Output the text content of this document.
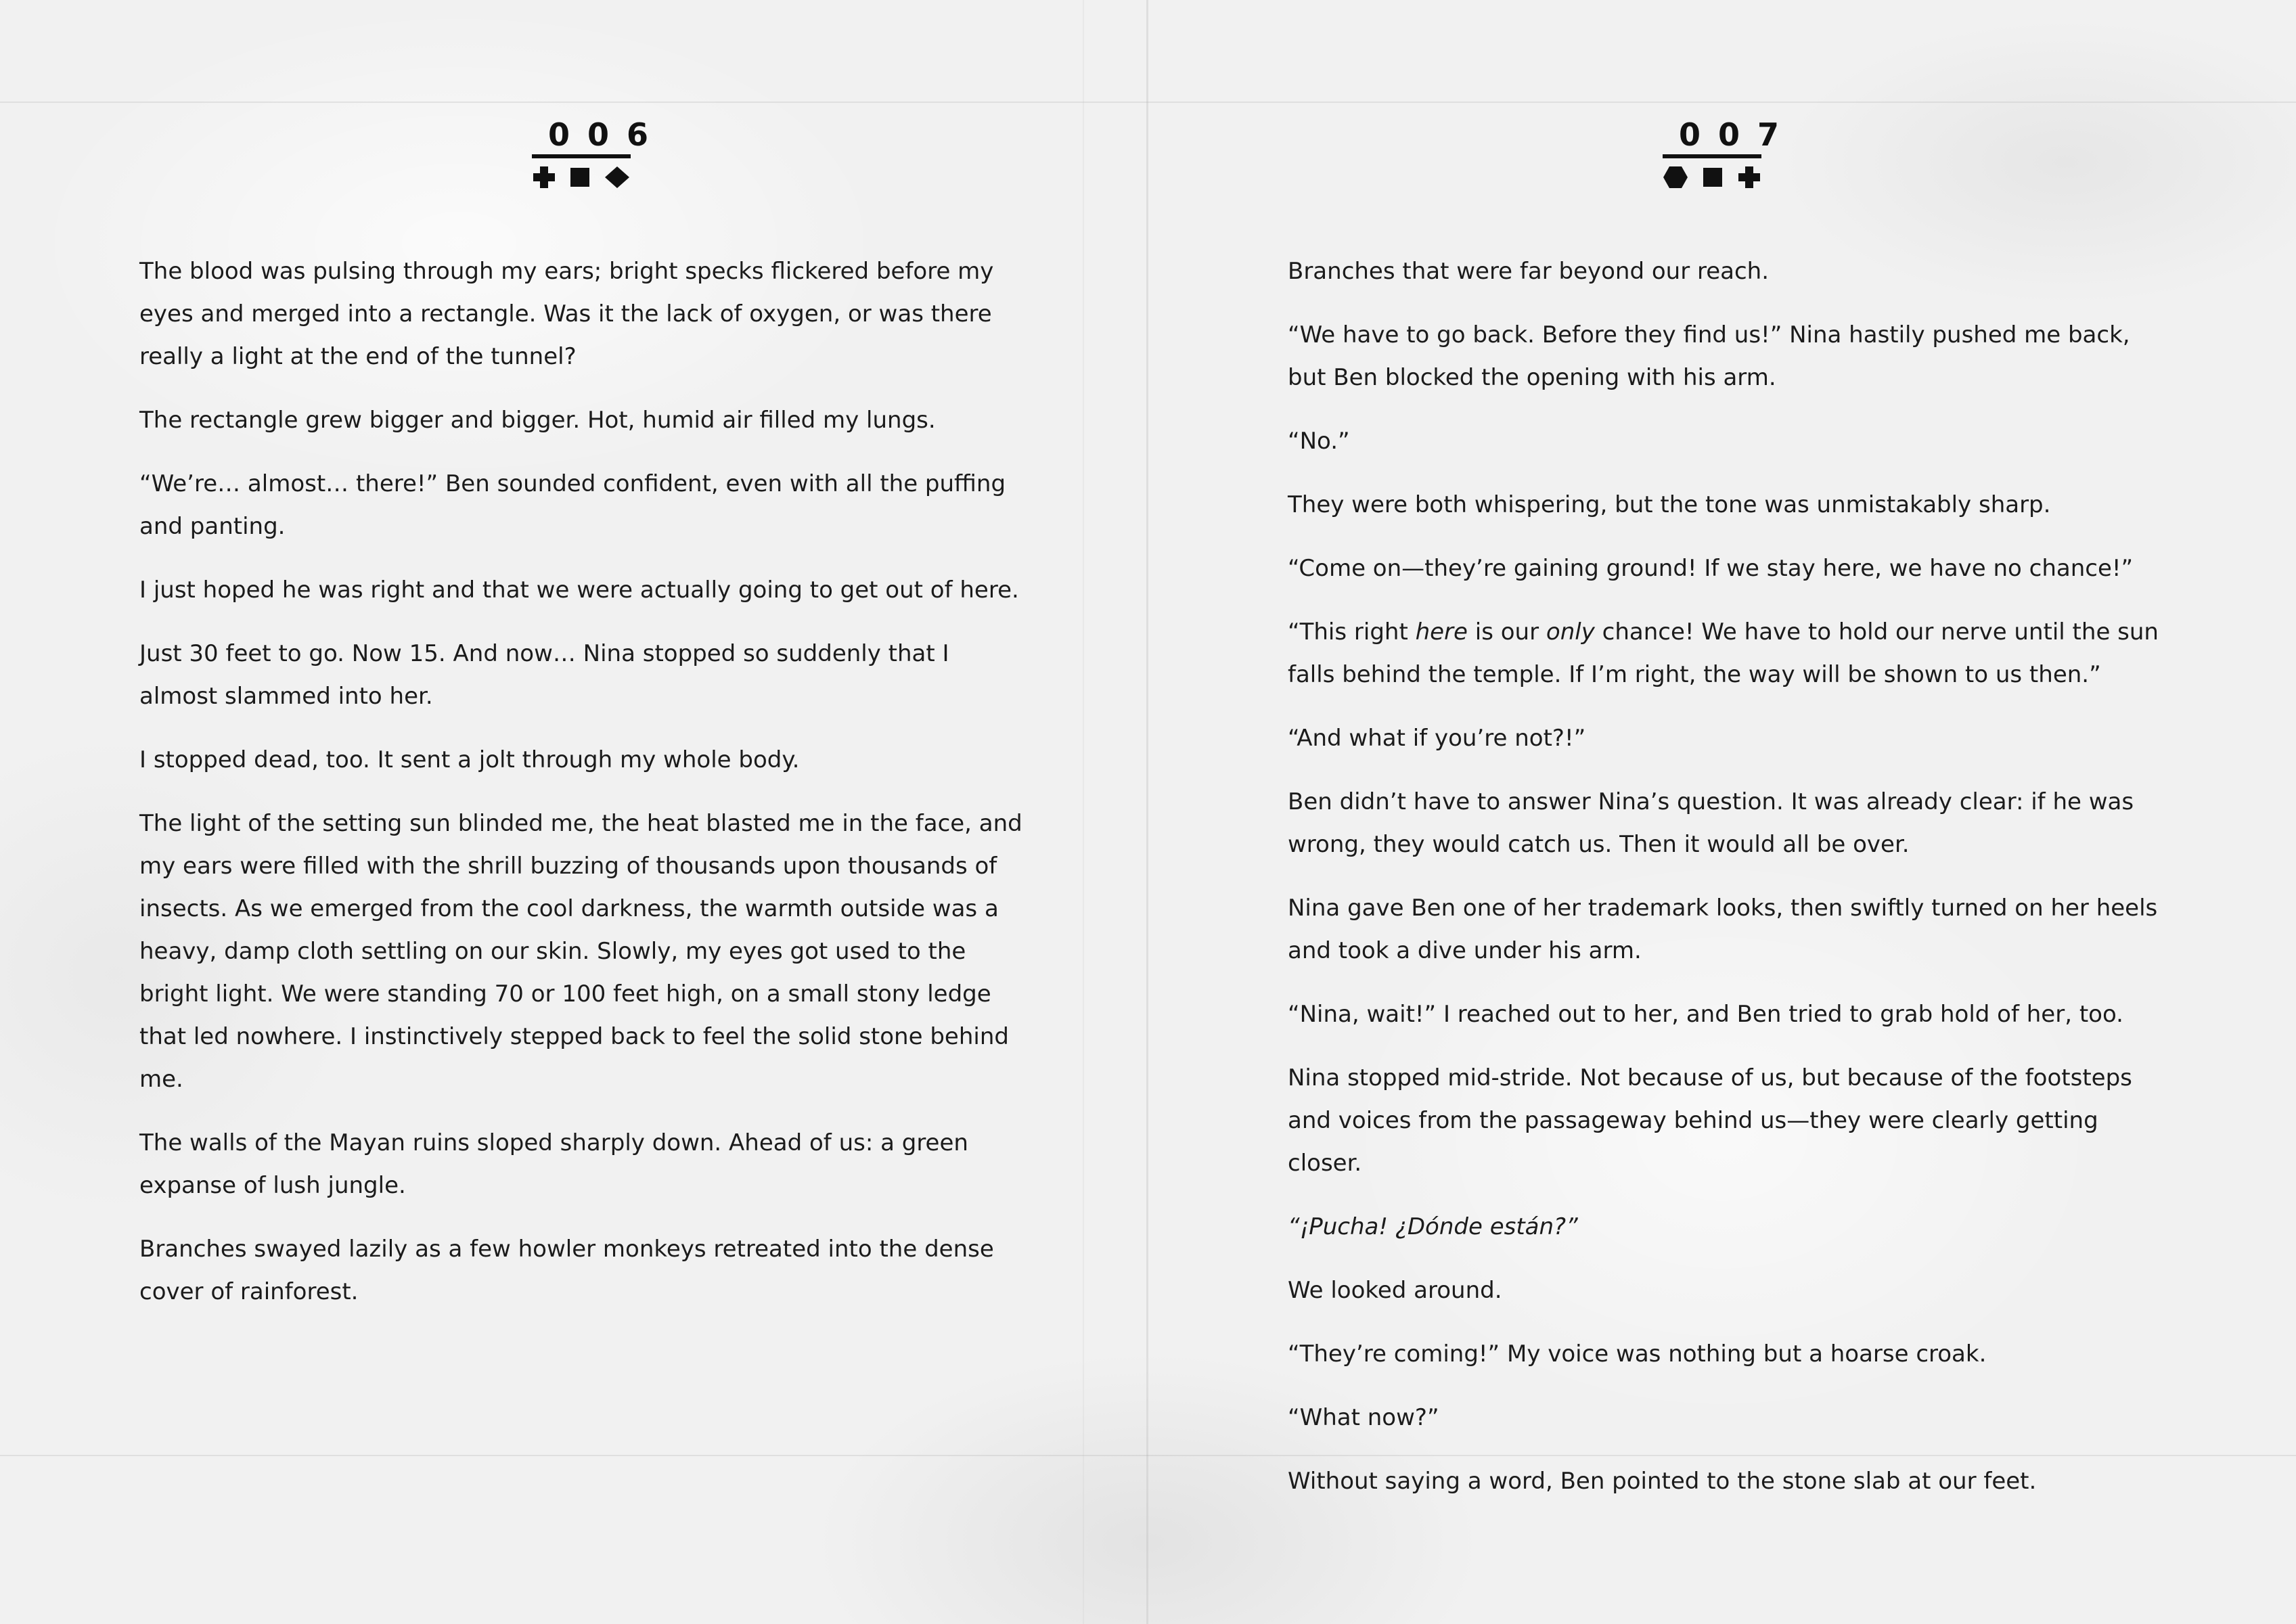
006

The blood was pulsing through my ears; bright specks flickered before my eyes and merged into a rectangle. Was it the lack of oxygen, or was there really a light at the end of the tunnel?

The rectangle grew bigger and bigger. Hot, humid air filled my lungs.

“We’re… almost… there!” Ben sounded confident, even with all the puffing and panting.

I just hoped he was right and that we were actually going to get out of here.

Just 30 feet to go. Now 15. And now… Nina stopped so suddenly that I almost slammed into her.

I stopped dead, too. It sent a jolt through my whole body.

The light of the setting sun blinded me, the heat blasted me in the face, and my ears were filled with the shrill buzzing of thousands upon thousands of insects. As we emerged from the cool darkness, the warmth outside was a heavy, damp cloth settling on our skin. Slowly, my eyes got used to the bright light. We were standing 70 or 100 feet high, on a small stony ledge that led nowhere. I instinctively stepped back to feel the solid stone behind me.

The walls of the Mayan ruins sloped sharply down. Ahead of us: a green expanse of lush jungle.

Branches swayed lazily as a few howler monkeys retreated into the dense cover of rainforest.

007

Branches that were far beyond our reach.

“We have to go back. Before they find us!” Nina hastily pushed me back, but Ben blocked the opening with his arm.

“No.”

They were both whispering, but the tone was unmistakably sharp.

“Come on—they’re gaining ground! If we stay here, we have no chance!”

“This right here is our only chance! We have to hold our nerve until the sun falls behind the temple. If I’m right, the way will be shown to us then.”

“And what if you’re not?!”

Ben didn’t have to answer Nina’s question. It was already clear: if he was wrong, they would catch us. Then it would all be over.

Nina gave Ben one of her trademark looks, then swiftly turned on her heels and took a dive under his arm.

“Nina, wait!” I reached out to her, and Ben tried to grab hold of her, too.

Nina stopped mid-stride. Not because of us, but because of the footsteps and voices from the passageway behind us—they were clearly getting closer.

“¡Pucha! ¿Dónde están?”

We looked around.

“They’re coming!” My voice was nothing but a hoarse croak.

“What now?”

Without saying a word, Ben pointed to the stone slab at our feet.
